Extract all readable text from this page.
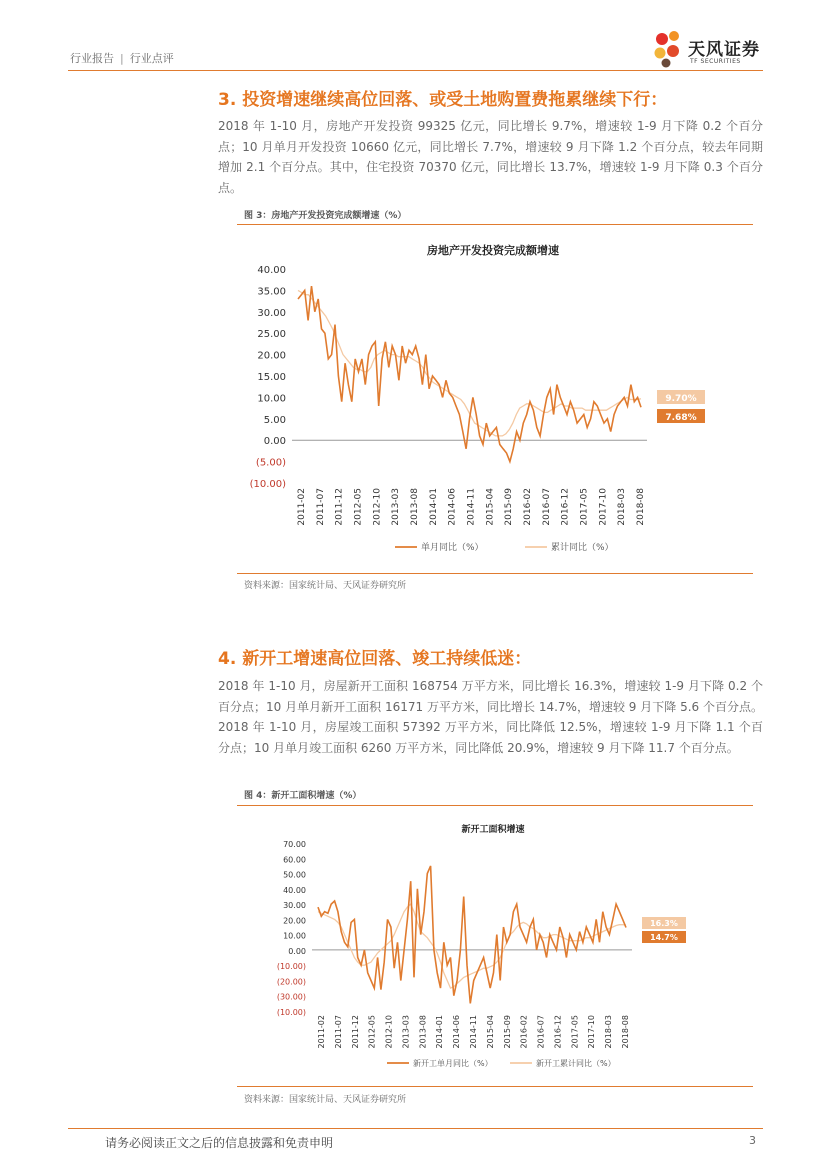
行业报告 | 行业点评	天风证券
TF SECURITIES
3. 投资增速继续高位回落、或受土地购置费拖累继续下行：
2018 年 1-10 月，房地产开发投资 99325 亿元，同比增长 9.7%，增速较 1-9 月下降 0.2 个百分点；10 月单月开发投资 10660 亿元，同比增长 7.7%，增速较 9 月下降 1.2 个百分点，较去年同期增加 2.1 个百分点。其中，住宅投资 70370 亿元，同比增长 13.7%，增速较 1-9 月下降 0.3 个百分点。
图 3：房地产开发投资完成额增速（%）
房地产开发投资完成额增速
40.00
35.00
30.00
25.00
20.00
15.00
10.00
5.00
0.00
(5.00)
(10.00)
2011-02 2011-07 2011-12 2012-05 2012-10 2013-03 2013-08 2014-01 2014-06 2014-11 2015-04 2015-09 2016-02 2016-07 2016-12 2017-05 2017-10 2018-03 2018-08
9.70%
7.68%
单月同比（%）	累计同比（%）
资料来源：国家统计局、天风证券研究所
4. 新开工增速高位回落、竣工持续低迷：
2018 年 1-10 月，房屋新开工面积 168754 万平方米，同比增长 16.3%，增速较 1-9 月下降 0.2 个百分点；10 月单月新开工面积 16171 万平方米，同比增长 14.7%，增速较 9 月下降 5.6 个百分点。2018 年 1-10 月，房屋竣工面积 57392 万平方米，同比降低 12.5%，增速较 1-9 月下降 1.1 个百分点；10 月单月竣工面积 6260 万平方米，同比降低 20.9%，增速较 9 月下降 11.7 个百分点。
图 4：新开工面积增速（%）
新开工面积增速
70.00
60.00
50.00
40.00
30.00
20.00
10.00
0.00
(10.00)
(20.00)
(30.00)
(10.00)
2011-02 2011-07 2011-12 2012-05 2012-10 2013-03 2013-08 2014-01 2014-06 2014-11 2015-04 2015-09 2016-02 2016-07 2016-12 2017-05 2017-10 2018-03 2018-08
16.3%
14.7%
新开工单月同比（%）	新开工累计同比（%）
资料来源：国家统计局、天风证券研究所
请务必阅读正文之后的信息披露和免责申明	3
